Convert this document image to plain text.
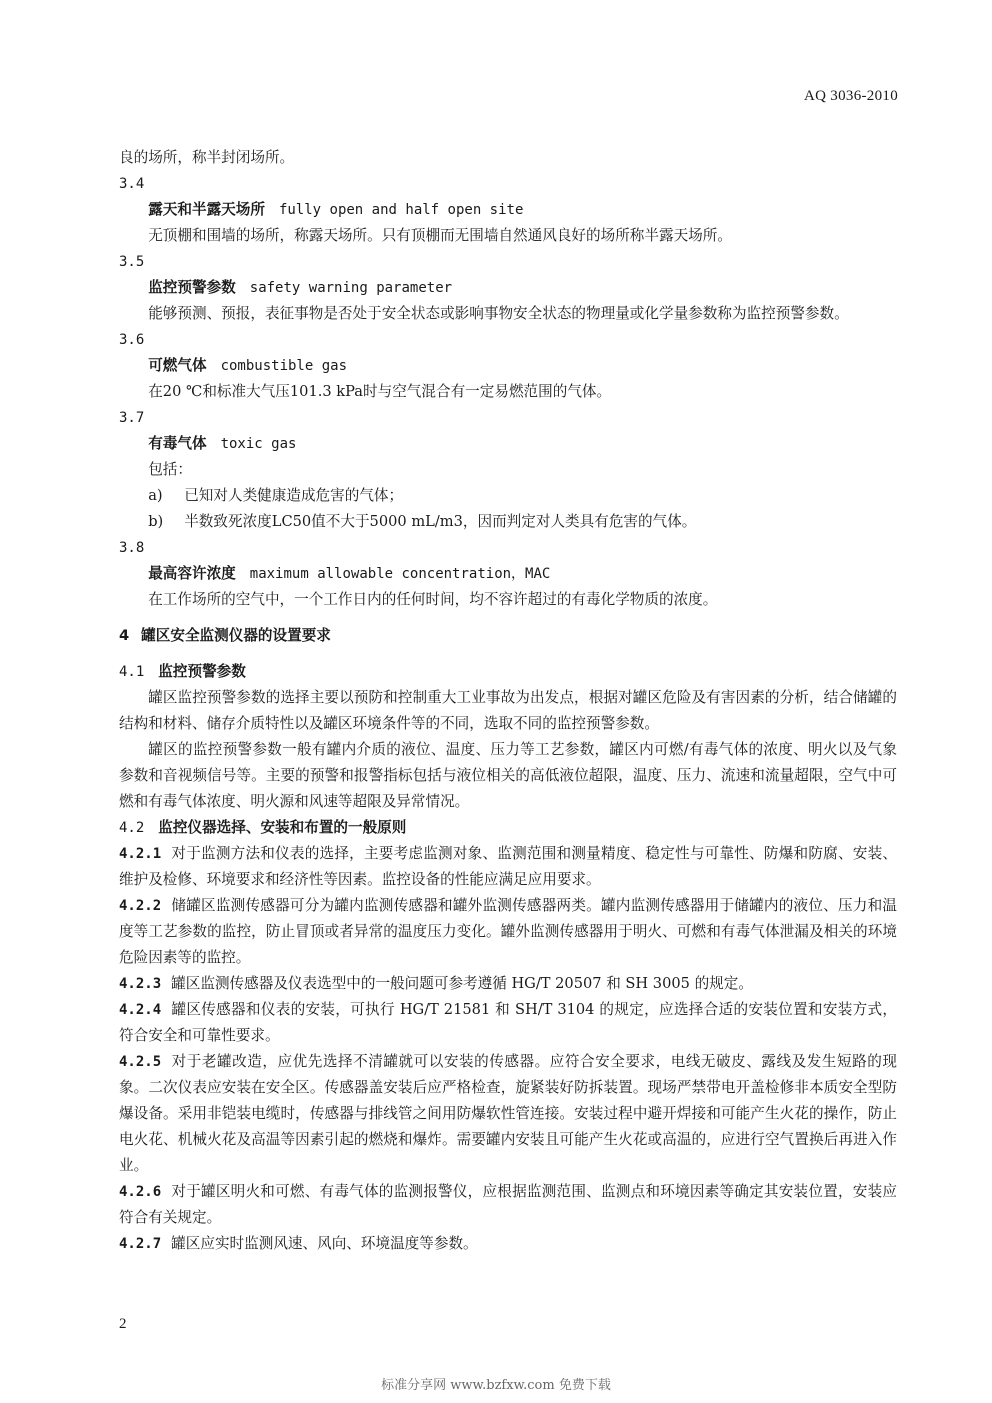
AQ 3036-2010

良的场所，称半封闭场所。

3.4

露天和半露天场所 fully open and half open site

无顶棚和围墙的场所，称露天场所。只有顶棚而无围墙自然通风良好的场所称半露天场所。

3.5

监控预警参数 safety warning parameter

能够预测、预报，表征事物是否处于安全状态或影响事物安全状态的物理量或化学量参数称为监控预警参数。

3.6

可燃气体 combustible gas

在20 ℃和标准大气压101.3 kPa时与空气混合有一定易燃范围的气体。

3.7

有毒气体 toxic gas

包括：

a) 已知对人类健康造成危害的气体；

b) 半数致死浓度LC50值不大于5000 mL/m3，因而判定对人类具有危害的气体。

3.8

最高容许浓度 maximum allowable concentration，MAC

在工作场所的空气中，一个工作日内的任何时间，均不容许超过的有毒化学物质的浓度。

4 罐区安全监测仪器的设置要求
4.1 监控预警参数

罐区监控预警参数的选择主要以预防和控制重大工业事故为出发点，根据对罐区危险及有害因素的分析，结合储罐的结构和材料、储存介质特性以及罐区环境条件等的不同，选取不同的监控预警参数。

罐区的监控预警参数一般有罐内介质的液位、温度、压力等工艺参数，罐区内可燃/有毒气体的浓度、明火以及气象参数和音视频信号等。主要的预警和报警指标包括与液位相关的高低液位超限，温度、压力、流速和流量超限，空气中可燃和有毒气体浓度、明火源和风速等超限及异常情况。

4.2 监控仪器选择、安装和布置的一般原则

4.2.1 对于监测方法和仪表的选择，主要考虑监测对象、监测范围和测量精度、稳定性与可靠性、防爆和防腐、安装、维护及检修、环境要求和经济性等因素。监控设备的性能应满足应用要求。

4.2.2 储罐区监测传感器可分为罐内监测传感器和罐外监测传感器两类。罐内监测传感器用于储罐内的液位、压力和温度等工艺参数的监控，防止冒顶或者异常的温度压力变化。罐外监测传感器用于明火、可燃和有毒气体泄漏及相关的环境危险因素等的监控。

4.2.3 罐区监测传感器及仪表选型中的一般问题可参考遵循 HG/T 20507 和 SH 3005 的规定。

4.2.4 罐区传感器和仪表的安装，可执行 HG/T 21581 和 SH/T 3104 的规定，应选择合适的安装位置和安装方式，符合安全和可靠性要求。

4.2.5 对于老罐改造，应优先选择不清罐就可以安装的传感器。应符合安全要求，电线无破皮、露线及发生短路的现象。二次仪表应安装在安全区。传感器盖安装后应严格检查，旋紧装好防拆装置。现场严禁带电开盖检修非本质安全型防爆设备。采用非铠装电缆时，传感器与排线管之间用防爆软性管连接。安装过程中避开焊接和可能产生火花的操作，防止电火花、机械火花及高温等因素引起的燃烧和爆炸。需要罐内安装且可能产生火花或高温的，应进行空气置换后再进入作业。

4.2.6 对于罐区明火和可燃、有毒气体的监测报警仪，应根据监测范围、监测点和环境因素等确定其安装位置，安装应符合有关规定。

4.2.7 罐区应实时监测风速、风向、环境温度等参数。

2
标准分享网 www.bzfxw.com 免费下载
